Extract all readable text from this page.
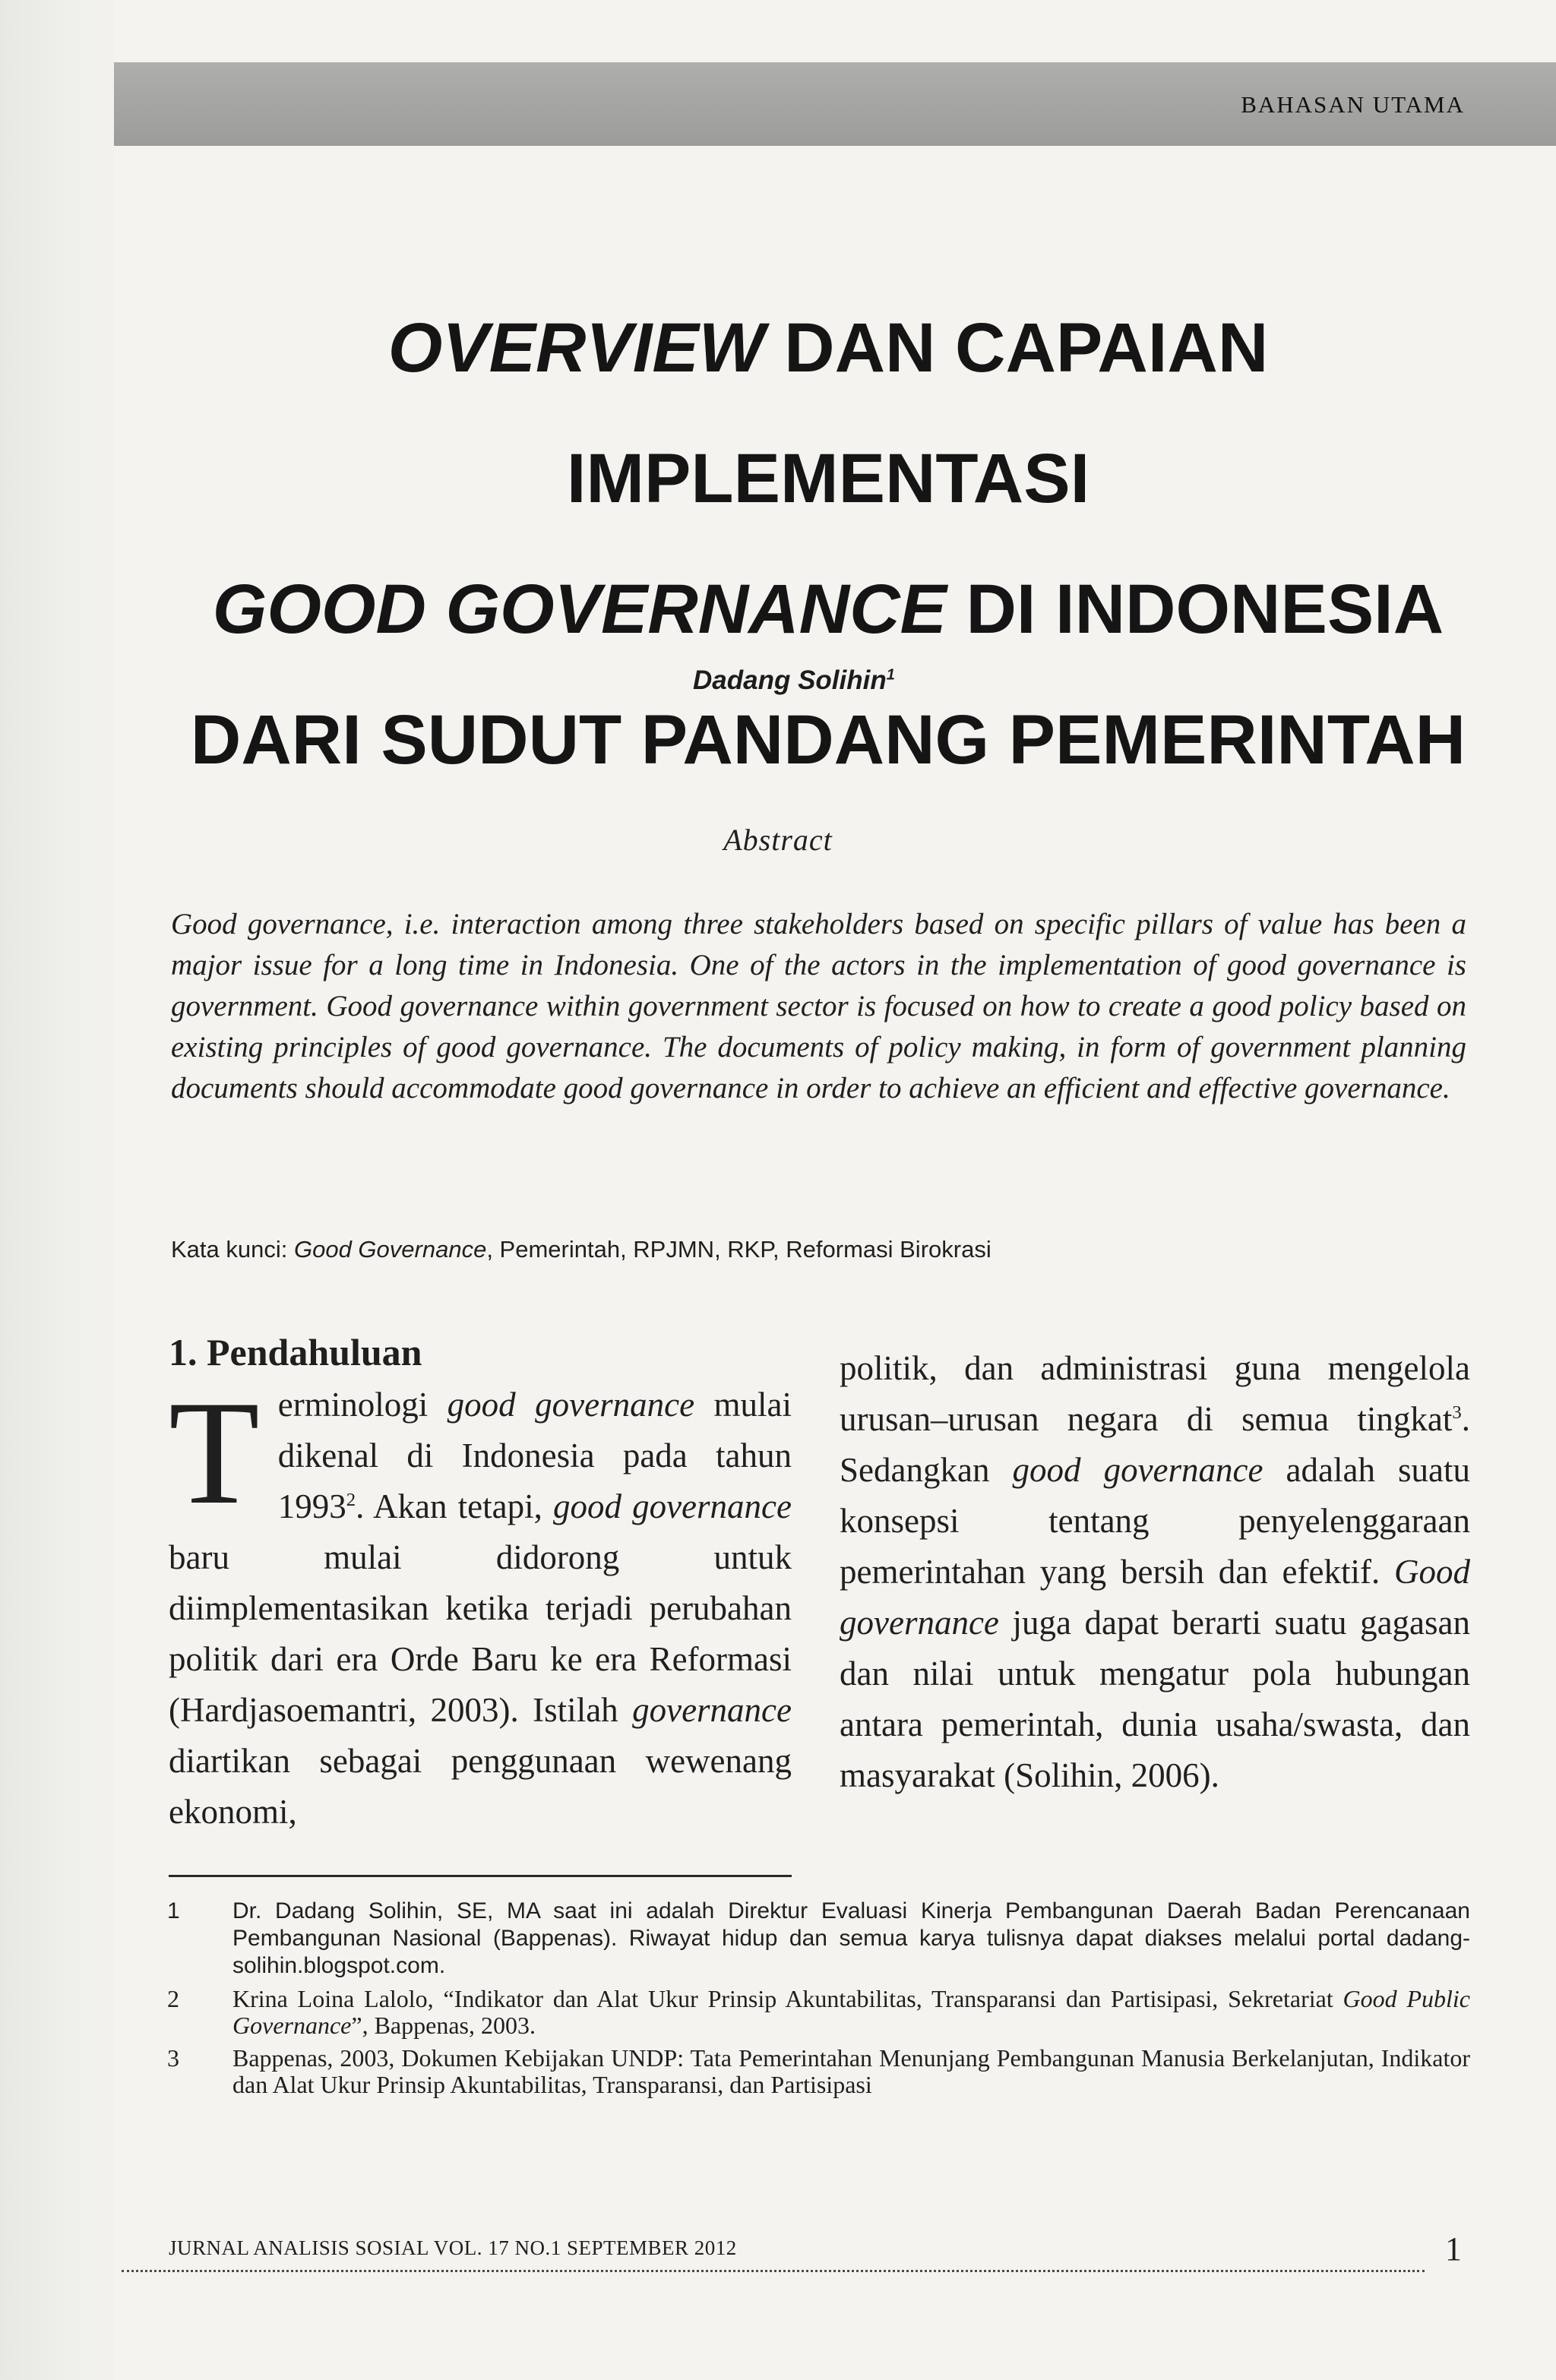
BAHASAN UTAMA
OVERVIEW DAN CAPAIAN IMPLEMENTASI
GOOD GOVERNANCE DI INDONESIA
DARI SUDUT PANDANG PEMERINTAH
Dadang Solihin$^1$
Abstract
Good governance, i.e. interaction among three stakeholders based on specific pillars of value has been a major issue for a long time in Indonesia. One of the actors in the implementation of good governance is government. Good governance within government sector is focused on how to create a good policy based on existing principles of good governance. The documents of policy making, in form of government planning documents should accommodate good governance in order to achieve an efficient and effective governance.
Kata kunci: Good Governance, Pemerintah, RPJMN, RKP, Reformasi Birokrasi
1. Pendahuluan

Terminologi good governance mulai dikenal di Indonesia pada tahun 1993$^2$. Akan tetapi, good governance baru mulai didorong untuk diimplementasikan ketika terjadi perubahan politik dari era Orde Baru ke era Reformasi (Hardjasoemantri, 2003). Istilah governance diartikan sebagai penggunaan wewenang ekonomi,

politik, dan administrasi guna mengelola urusan–urusan negara di semua tingkat$^3$. Sedangkan good governance adalah suatu konsepsi tentang penyelenggaraan pemerintahan yang bersih dan efektif. Good governance juga dapat berarti suatu gagasan dan nilai untuk mengatur pola hubungan antara pemerintah, dunia usaha/swasta, dan masyarakat (Solihin, 2006).

1 Dr. Dadang Solihin, SE, MA saat ini adalah Direktur Evaluasi Kinerja Pembangunan Daerah Badan Perencanaan Pembangunan Nasional (Bappenas). Riwayat hidup dan semua karya tulisnya dapat diakses melalui portal dadang-solihin.blogspot.com.
2 Krina Loina Lalolo, “Indikator dan Alat Ukur Prinsip Akuntabilitas, Transparansi dan Partisipasi, Sekretariat Good Public Governance”, Bappenas, 2003.
3 Bappenas, 2003, Dokumen Kebijakan UNDP: Tata Pemerintahan Menunjang Pembangunan Manusia Berkelanjutan, Indikator dan Alat Ukur Prinsip Akuntabilitas, Transparansi, dan Partisipasi
JURNAL ANALISIS SOSIAL VOL. 17 NO.1 SEPTEMBER 2012	1
